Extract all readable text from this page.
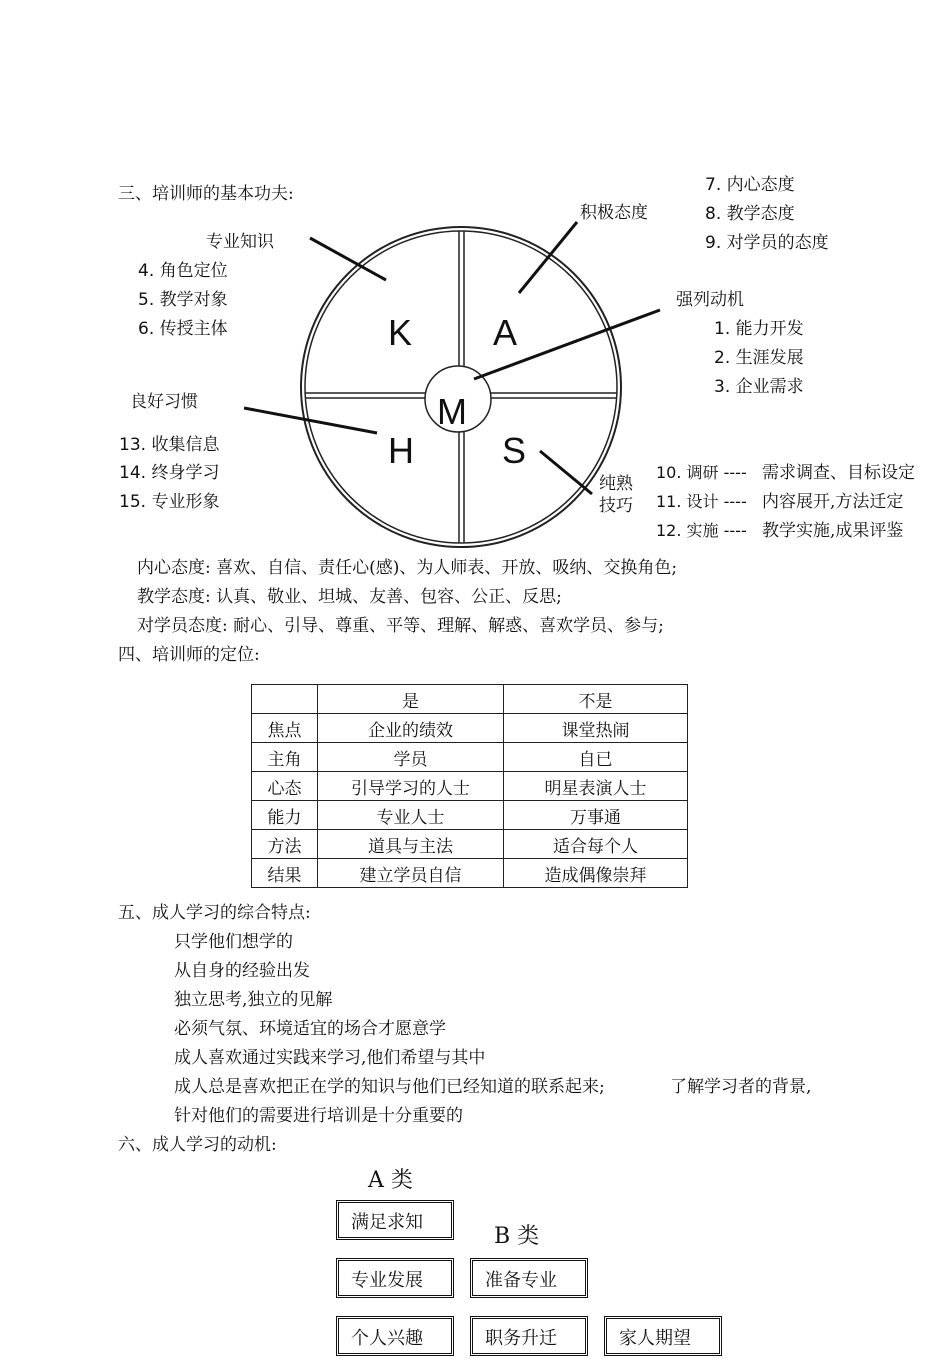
三、培训师的基本功夫:
K A
M
H S
专业知识
4. 角色定位
5. 教学对象
6. 传授主体
积极态度
7. 内心态度
8. 教学态度
9. 对学员的态度
强列动机
1. 能力开发
2. 生涯发展
3. 企业需求
良好习惯
13. 收集信息
14. 终身学习
15. 专业形象
纯熟
技巧
10. 调研 ---- 需求调查、目标设定
11. 设计 ---- 内容展开,方法迁定
12. 实施 ---- 教学实施,成果评鉴
内心态度: 喜欢、自信、责任心(感)、为人师表、开放、吸纳、交换角色;
教学态度: 认真、敬业、坦城、友善、包容、公正、反思;
对学员态度: 耐心、引导、尊重、平等、理解、解惑、喜欢学员、参与;
四、培训师的定位:
	是	不是
焦点	企业的绩效	课堂热闹
主角	学员	自已
心态	引导学习的人士	明星表演人士
能力	专业人士	万事通
方法	道具与主法	适合每个人
结果	建立学员自信	造成偶像崇拜
五、成人学习的综合特点:
只学他们想学的
从自身的经验出发
独立思考,独立的见解
必须气氛、环境适宜的场合才愿意学
成人喜欢通过实践来学习,他们希望与其中
成人总是喜欢把正在学的知识与他们已经知道的联系起来;	了解学习者的背景,
针对他们的需要进行培训是十分重要的
六、成人学习的动机:
A 类
B 类
满足求知
专业发展	准备专业
个人兴趣	职务升迁	家人期望
